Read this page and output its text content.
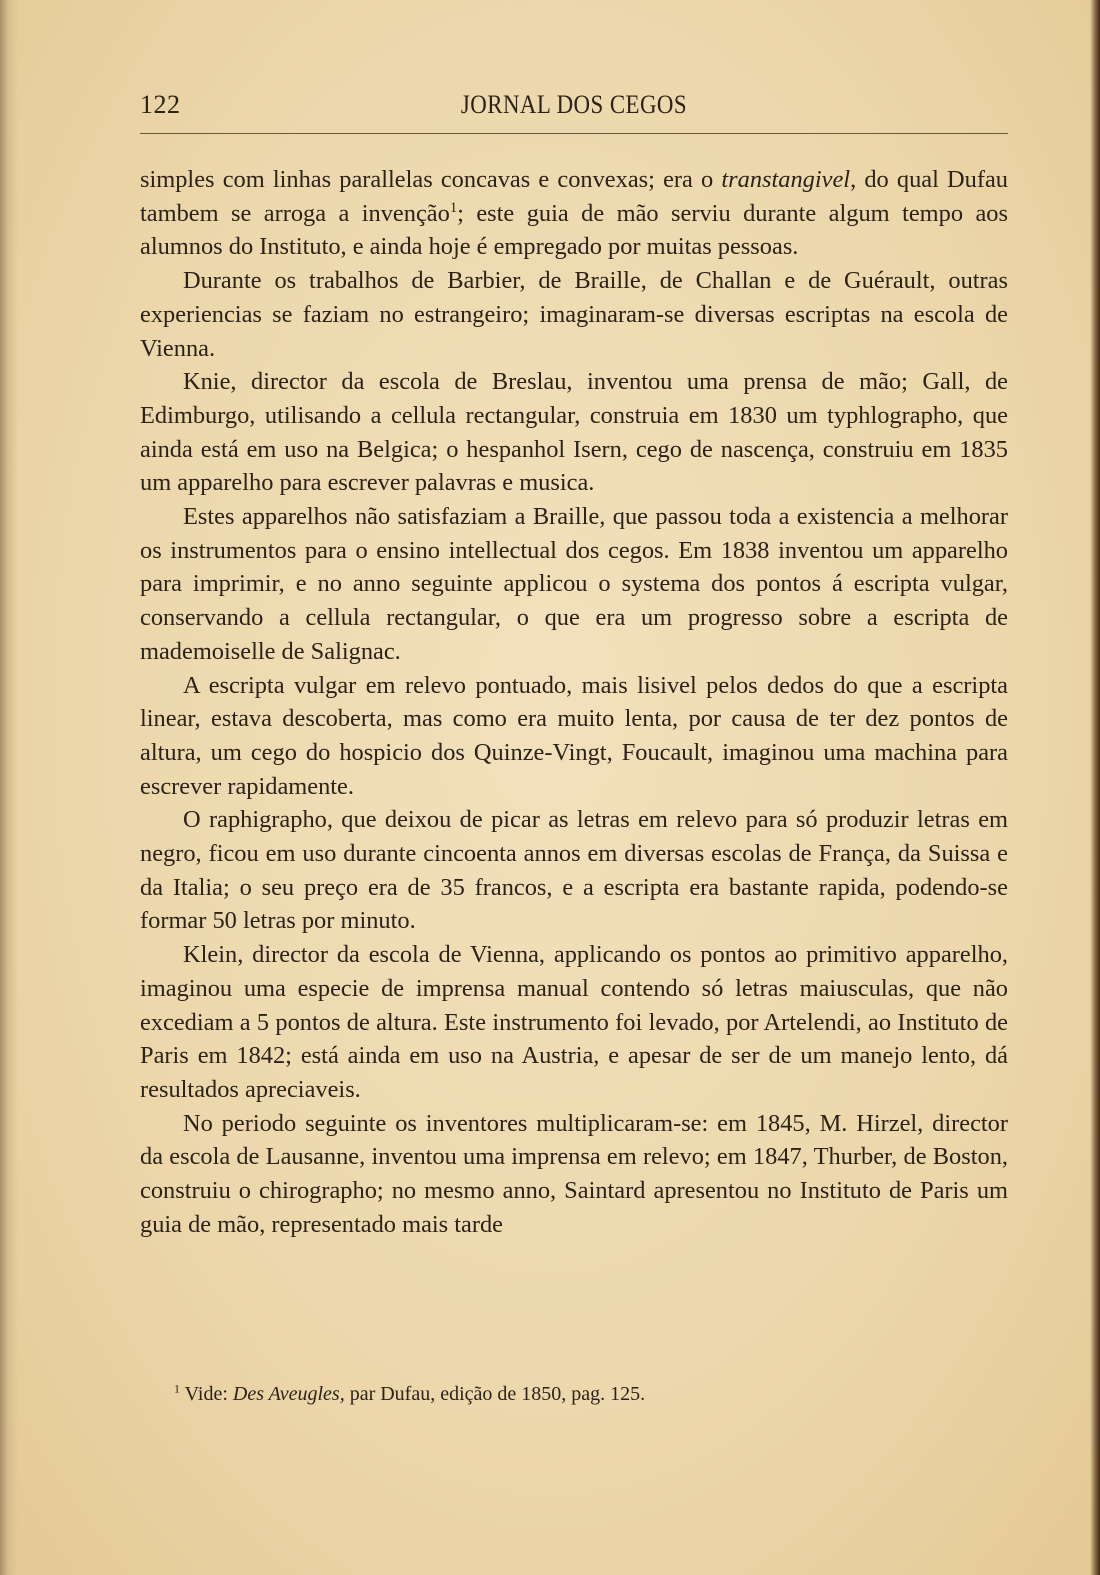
122	JORNAL DOS CEGOS

simples com linhas parallelas concavas e convexas; era o transtangivel, do qual Dufau tambem se arroga a invenção$^1$; este guia de mão serviu durante algum tempo aos alumnos do Instituto, e ainda hoje é empregado por muitas pessoas.

Durante os trabalhos de Barbier, de Braille, de Challan e de Guérault, outras experiencias se faziam no estrangeiro; imaginaram-se diversas escriptas na escola de Vienna.

Knie, director da escola de Breslau, inventou uma prensa de mão; Gall, de Edimburgo, utilisando a cellula rectangular, construia em 1830 um typhlographo, que ainda está em uso na Belgica; o hespanhol Isern, cego de nascença, construiu em 1835 um apparelho para escrever palavras e musica.

Estes apparelhos não satisfaziam a Braille, que passou toda a existencia a melhorar os instrumentos para o ensino intellectual dos cegos. Em 1838 inventou um apparelho para imprimir, e no anno seguinte applicou o systema dos pontos á escripta vulgar, conservando a cellula rectangular, o que era um progresso sobre a escripta de mademoiselle de Salignac.

A escripta vulgar em relevo pontuado, mais lisivel pelos dedos do que a escripta linear, estava descoberta, mas como era muito lenta, por causa de ter dez pontos de altura, um cego do hospicio dos Quinze-Vingt, Foucault, imaginou uma machina para escrever rapidamente.

O raphigrapho, que deixou de picar as letras em relevo para só produzir letras em negro, ficou em uso durante cincoenta annos em diversas escolas de França, da Suissa e da Italia; o seu preço era de 35 francos, e a escripta era bastante rapida, podendo-se formar 50 letras por minuto.

Klein, director da escola de Vienna, applicando os pontos ao primitivo apparelho, imaginou uma especie de imprensa manual contendo só letras maiusculas, que não excediam a 5 pontos de altura. Este instrumento foi levado, por Artelendi, ao Instituto de Paris em 1842; está ainda em uso na Austria, e apesar de ser de um manejo lento, dá resultados apreciaveis.

No periodo seguinte os inventores multiplicaram-se: em 1845, M. Hirzel, director da escola de Lausanne, inventou uma imprensa em relevo; em 1847, Thurber, de Boston, construiu o chirographo; no mesmo anno, Saintard apresentou no Instituto de Paris um guia de mão, representado mais tarde

$^1$ Vide: Des Aveugles, par Dufau, edição de 1850, pag. 125.
